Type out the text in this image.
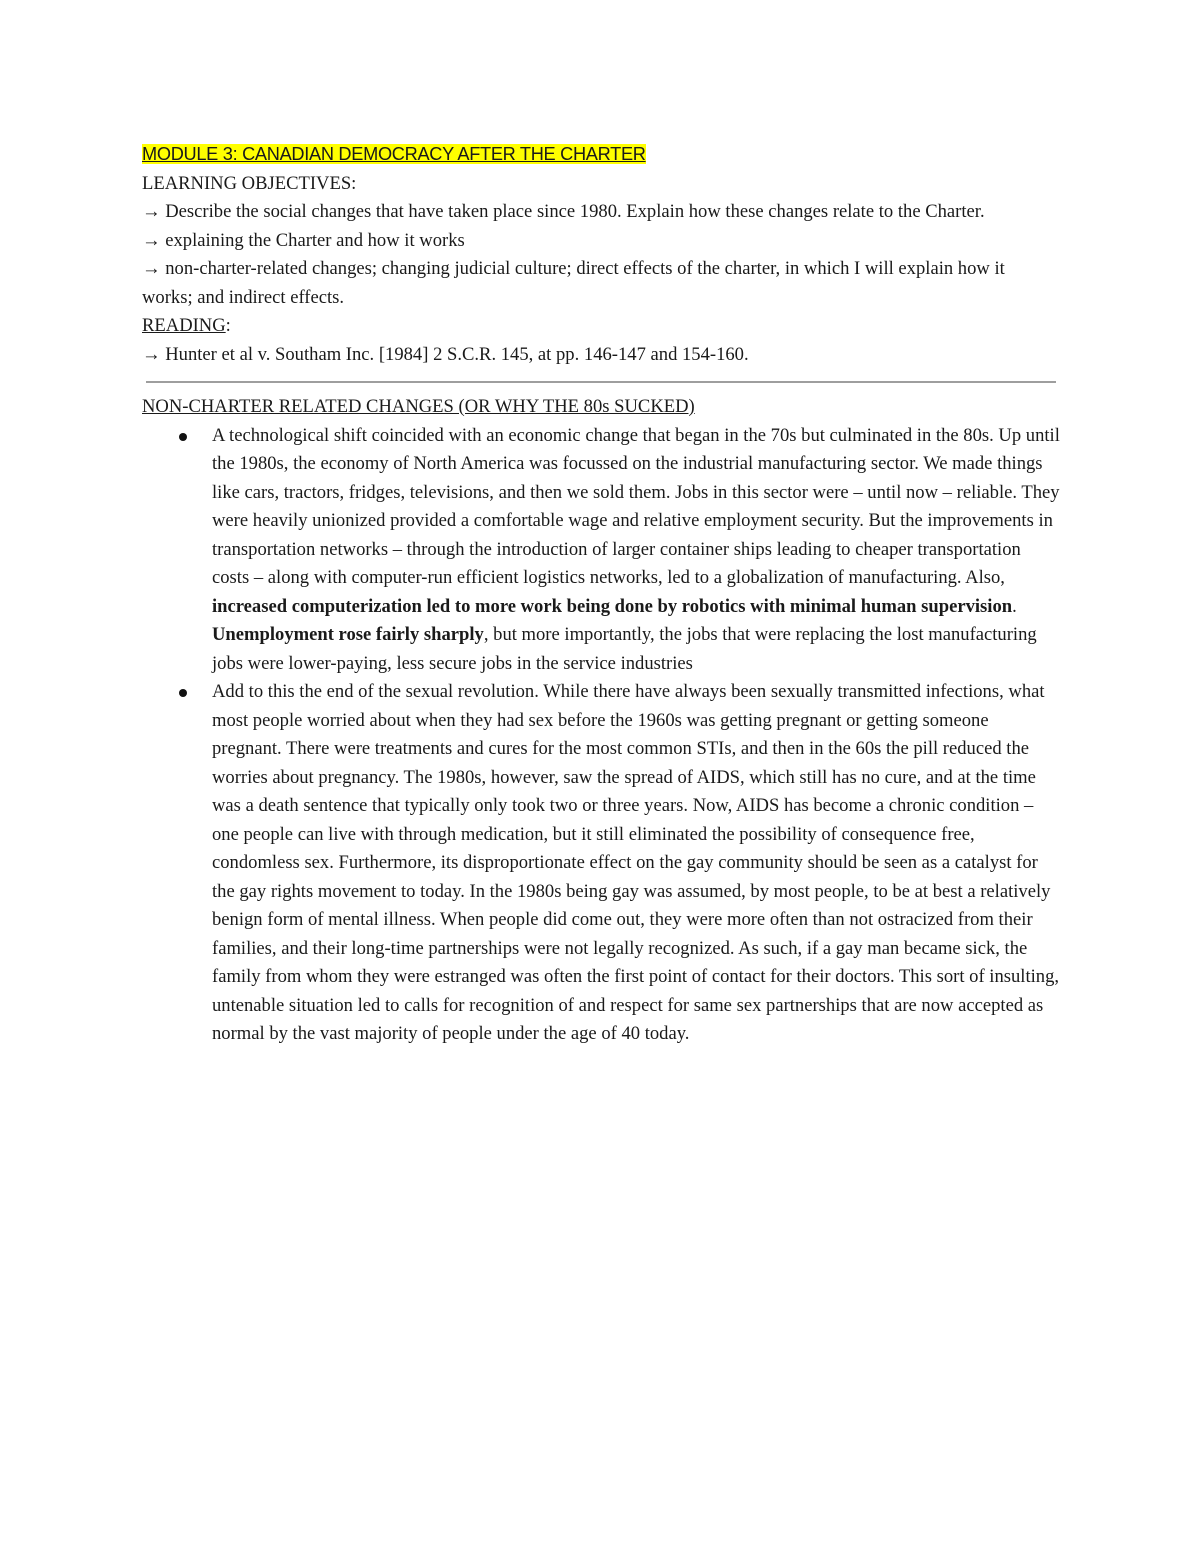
MODULE 3: CANADIAN DEMOCRACY AFTER THE CHARTER
LEARNING OBJECTIVES:
→ Describe the social changes that have taken place since 1980. Explain how these changes relate to the Charter.
→ explaining the Charter and how it works
→ non-charter-related changes; changing judicial culture; direct effects of the charter, in which I will explain how it works; and indirect effects.
READING:
→ Hunter et al v. Southam Inc. [1984] 2 S.C.R. 145, at pp. 146-147 and 154-160.
NON-CHARTER RELATED CHANGES (OR WHY THE 80s SUCKED)
A technological shift coincided with an economic change that began in the 70s but culminated in the 80s. Up until the 1980s, the economy of North America was focussed on the industrial manufacturing sector. We made things like cars, tractors, fridges, televisions, and then we sold them. Jobs in this sector were – until now – reliable. They were heavily unionized provided a comfortable wage and relative employment security. But the improvements in transportation networks – through the introduction of larger container ships leading to cheaper transportation costs – along with computer-run efficient logistics networks, led to a globalization of manufacturing. Also, increased computerization led to more work being done by robotics with minimal human supervision. Unemployment rose fairly sharply, but more importantly, the jobs that were replacing the lost manufacturing jobs were lower-paying, less secure jobs in the service industries
Add to this the end of the sexual revolution. While there have always been sexually transmitted infections, what most people worried about when they had sex before the 1960s was getting pregnant or getting someone pregnant. There were treatments and cures for the most common STIs, and then in the 60s the pill reduced the worries about pregnancy. The 1980s, however, saw the spread of AIDS, which still has no cure, and at the time was a death sentence that typically only took two or three years. Now, AIDS has become a chronic condition – one people can live with through medication, but it still eliminated the possibility of consequence free, condomless sex. Furthermore, its disproportionate effect on the gay community should be seen as a catalyst for the gay rights movement to today. In the 1980s being gay was assumed, by most people, to be at best a relatively benign form of mental illness. When people did come out, they were more often than not ostracized from their families, and their long-time partnerships were not legally recognized. As such, if a gay man became sick, the family from whom they were estranged was often the first point of contact for their doctors. This sort of insulting, untenable situation led to calls for recognition of and respect for same sex partnerships that are now accepted as normal by the vast majority of people under the age of 40 today.
